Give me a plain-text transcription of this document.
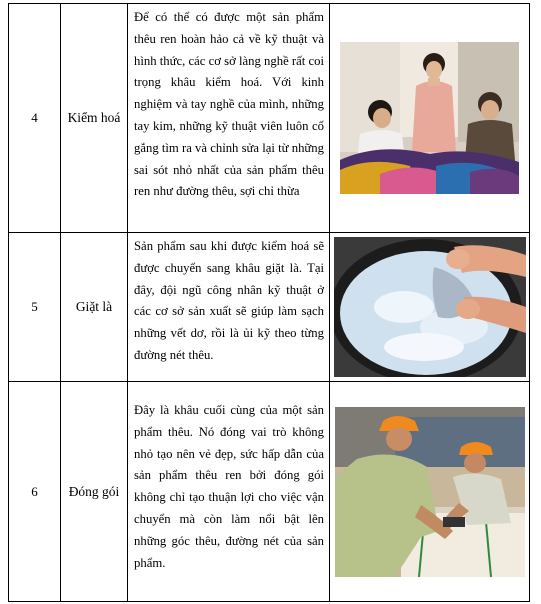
4	Kiểm hoá	Để có thể có được một sản phẩm thêu ren hoàn hảo cả về kỹ thuật và hình thức, các cơ sở làng nghề rất coi trọng khâu kiểm hoá. Với kinh nghiệm và tay nghề của mình, những tay kim, những kỹ thuật viên luôn cố gắng tìm ra và chỉnh sửa lại từ những sai sót nhỏ nhất của sản phẩm thêu ren như đường thêu, sợi chỉ thừa	

5	Giặt là	Sản phẩm sau khi được kiểm hoá sẽ được chuyển sang khâu giặt là. Tại đây, đội ngũ công nhân kỹ thuật ở các cơ sở sản xuất sẽ giúp làm sạch những vết dơ, rồi là ủi kỹ theo từng đường nét thêu.	

6	Đóng gói	Đây là khâu cuối cùng của một sản phẩm thêu. Nó đóng vai trò không nhỏ tạo nên vẻ đẹp, sức hấp dẫn của sản phẩm thêu ren bởi đóng gói không chỉ tạo thuận lợi cho việc vận chuyển mà còn làm nổi bật lên những góc thêu, đường nét của sản phẩm.	
